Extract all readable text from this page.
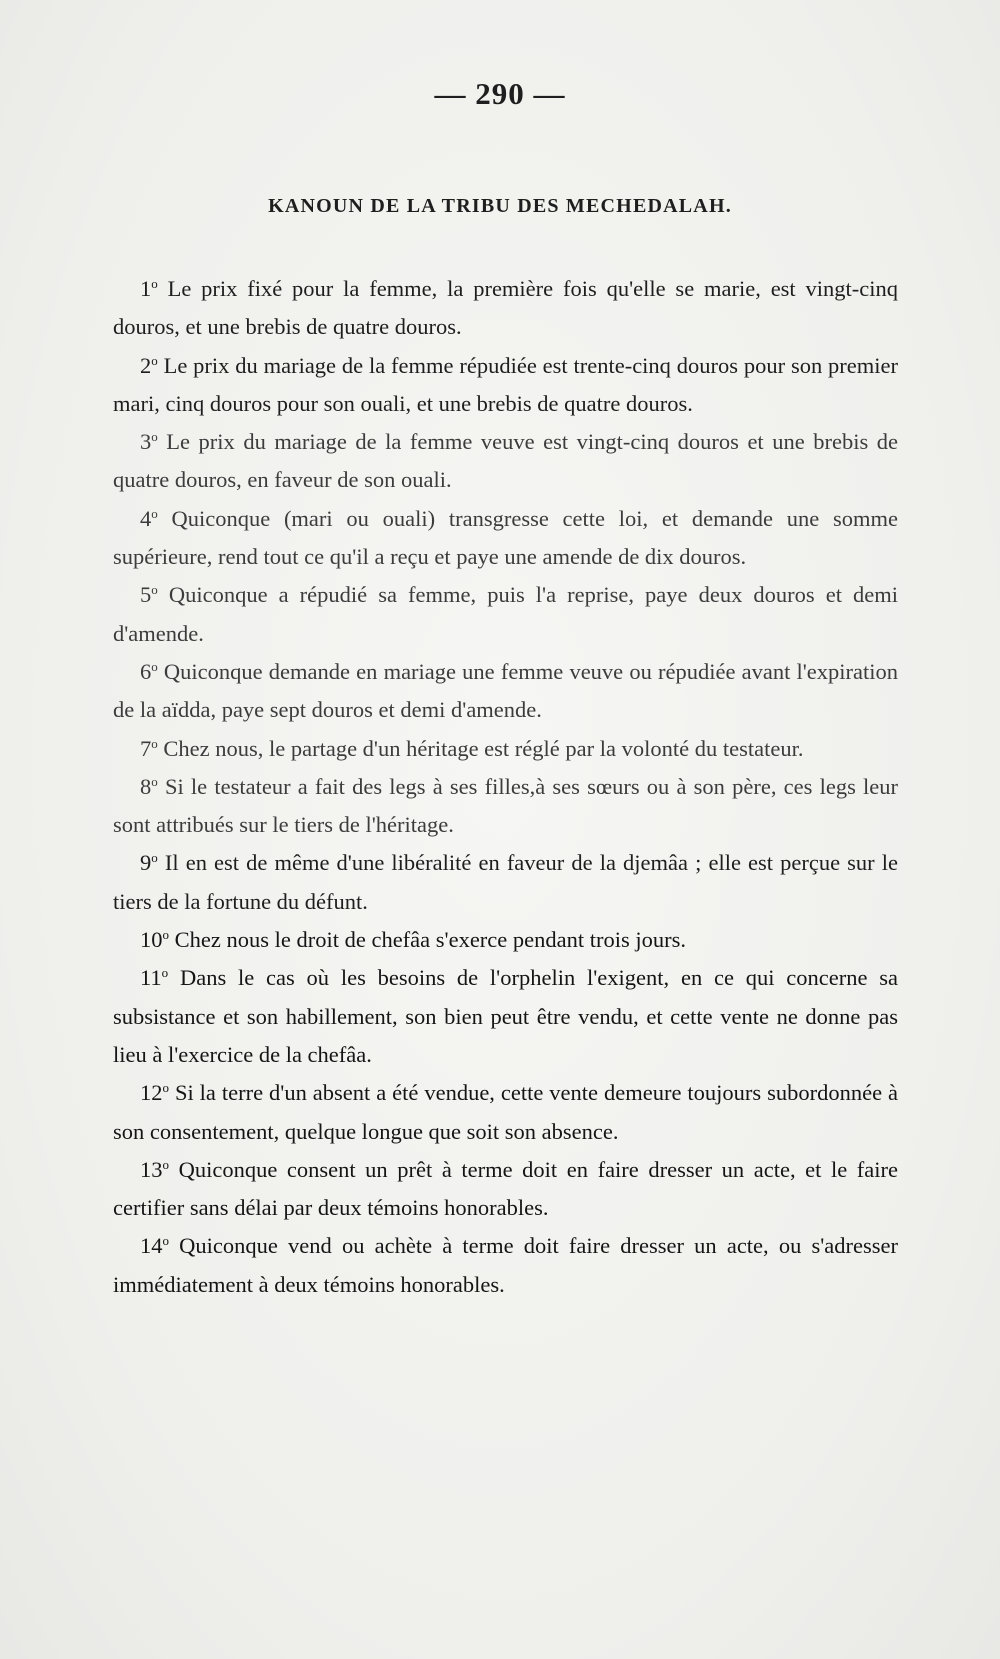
— 290 —
KANOUN DE LA TRIBU DES MECHEDALAH.

1$^o$ Le prix fixé pour la femme, la première fois qu'elle se marie, est vingt-cinq douros, et une brebis de quatre douros.

2$^o$ Le prix du mariage de la femme répudiée est trente-cinq douros pour son premier mari, cinq douros pour son ouali, et une brebis de quatre douros.

3$^o$ Le prix du mariage de la femme veuve est vingt-cinq douros et une brebis de quatre douros, en faveur de son ouali.

4$^o$ Quiconque (mari ou ouali) transgresse cette loi, et demande une somme supérieure, rend tout ce qu'il a reçu et paye une amende de dix douros.

5$^o$ Quiconque a répudié sa femme, puis l'a reprise, paye deux douros et demi d'amende.

6$^o$ Quiconque demande en mariage une femme veuve ou répudiée avant l'expiration de la aïdda, paye sept douros et demi d'amende.

7$^o$ Chez nous, le partage d'un héritage est réglé par la volonté du testateur.

8$^o$ Si le testateur a fait des legs à ses filles,à ses sœurs ou à son père, ces legs leur sont attribués sur le tiers de l'héritage.

9$^o$ Il en est de même d'une libéralité en faveur de la djemâa ; elle est perçue sur le tiers de la fortune du défunt.

10$^o$ Chez nous le droit de chefâa s'exerce pendant trois jours.

11$^o$ Dans le cas où les besoins de l'orphelin l'exigent, en ce qui concerne sa subsistance et son habillement, son bien peut être vendu, et cette vente ne donne pas lieu à l'exercice de la chefâa.

12$^o$ Si la terre d'un absent a été vendue, cette vente demeure toujours subordonnée à son consentement, quelque longue que soit son absence.

13$^o$ Quiconque consent un prêt à terme doit en faire dresser un acte, et le faire certifier sans délai par deux témoins honorables.

14$^o$ Quiconque vend ou achète à terme doit faire dresser un acte, ou s'adresser immédiatement à deux témoins honorables.
